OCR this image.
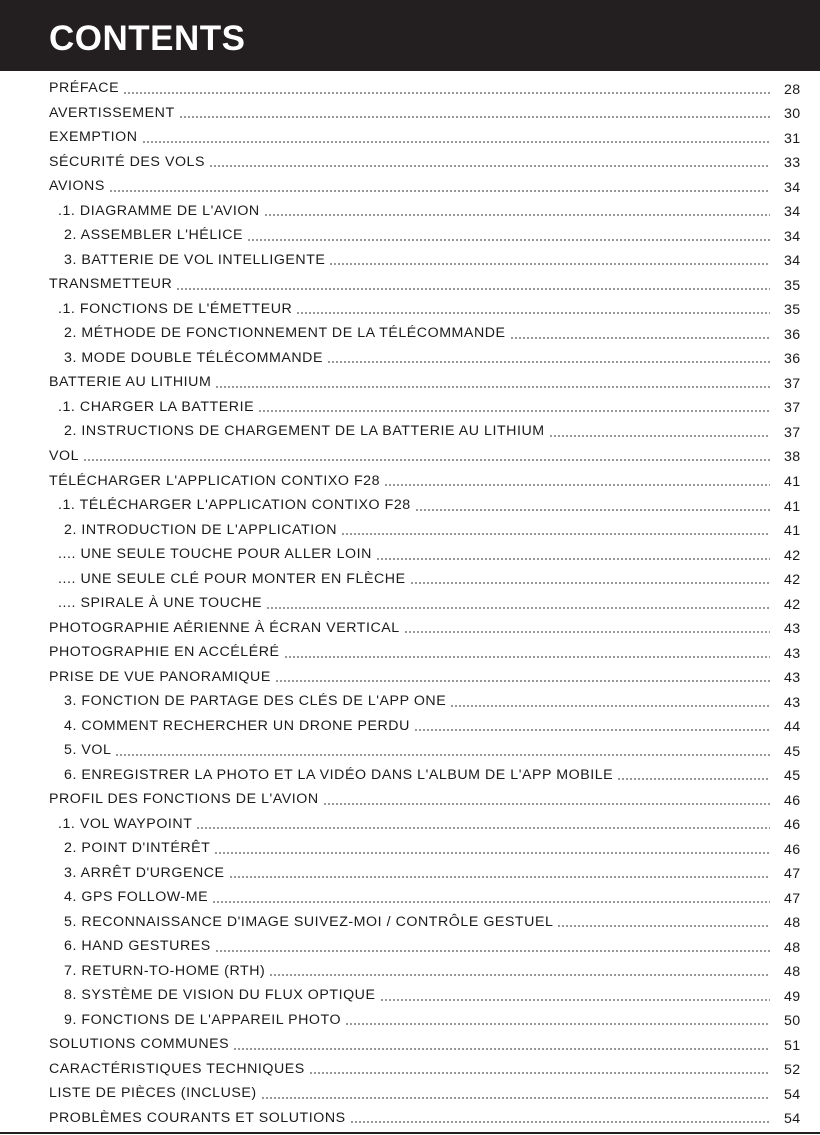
CONTENTS
PRÉFACE	28
AVERTISSEMENT	30
EXEMPTION	31
SÉCURITÉ DES VOLS	33
AVIONS	34
.1. DIAGRAMME DE L'AVION	34
2. ASSEMBLER L'HÉLICE	34
3. BATTERIE DE VOL INTELLIGENTE	34
TRANSMETTEUR	35
.1. FONCTIONS DE L'ÉMETTEUR	35
2. MÉTHODE DE FONCTIONNEMENT DE LA TÉLÉCOMMANDE	36
3. MODE DOUBLE TÉLÉCOMMANDE	36
BATTERIE AU LITHIUM	37
.1. CHARGER LA BATTERIE	37
2. INSTRUCTIONS DE CHARGEMENT DE LA BATTERIE AU LITHIUM	37
VOL	38
TÉLÉCHARGER L'APPLICATION CONTIXO F28	41
.1. TÉLÉCHARGER L'APPLICATION CONTIXO F28	41
2. INTRODUCTION DE L'APPLICATION	41
.... UNE SEULE TOUCHE POUR ALLER LOIN	42
.... UNE SEULE CLÉ POUR MONTER EN FLÈCHE	42
.... SPIRALE À UNE TOUCHE	42
PHOTOGRAPHIE AÉRIENNE À ÉCRAN VERTICAL	43
PHOTOGRAPHIE EN ACCÉLÉRÉ	43
PRISE DE VUE PANORAMIQUE	43
3. FONCTION DE PARTAGE DES CLÉS DE L'APP ONE	43
4. COMMENT RECHERCHER UN DRONE PERDU	44
5. VOL	45
6. ENREGISTRER LA PHOTO ET LA VIDÉO DANS L'ALBUM DE L'APP MOBILE	45
PROFIL DES FONCTIONS DE L'AVION	46
.1. VOL WAYPOINT	46
2. POINT D'INTÉRÊT	46
3. ARRÊT D'URGENCE	47
4. GPS FOLLOW-ME	47
5. RECONNAISSANCE D'IMAGE SUIVEZ-MOI / CONTRÔLE GESTUEL	48
6. HAND GESTURES	48
7. RETURN-TO-HOME (RTH)	48
8. SYSTÈME DE VISION DU FLUX OPTIQUE	49
9. FONCTIONS DE L'APPAREIL PHOTO	50
SOLUTIONS COMMUNES	51
CARACTÉRISTIQUES TECHNIQUES	52
LISTE DE PIÈCES (INCLUSE)	54
PROBLÈMES COURANTS ET SOLUTIONS	54
